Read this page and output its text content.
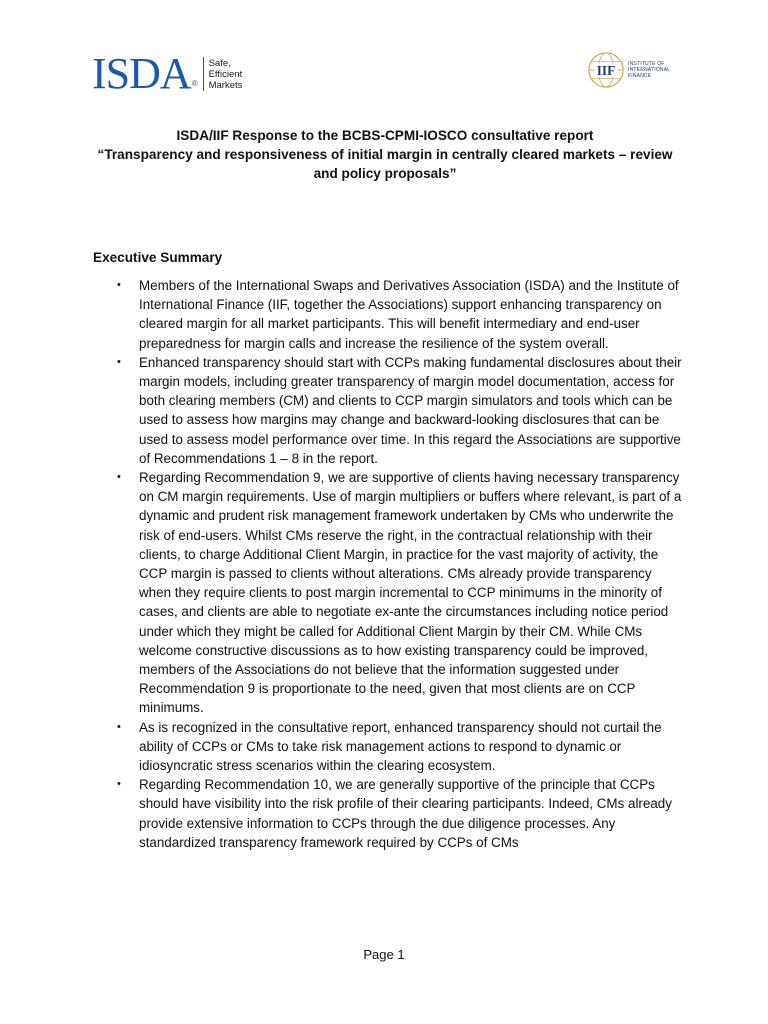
ISDA ®
Safe,
Efficient
Markets
IIF	INSTITUTE OF
INTERNATIONAL
FINANCE
ISDA/IIF Response to the BCBS-CPMI-IOSCO consultative report
“Transparency and responsiveness of initial margin in centrally cleared markets – review
and policy proposals”
Executive Summary
• Members of the International Swaps and Derivatives Association (ISDA) and the Institute of International Finance (IIF, together the Associations) support enhancing transparency on cleared margin for all market participants. This will benefit intermediary and end-user preparedness for margin calls and increase the resilience of the system overall.
• Enhanced transparency should start with CCPs making fundamental disclosures about their margin models, including greater transparency of margin model documentation, access for both clearing members (CM) and clients to CCP margin simulators and tools which can be used to assess how margins may change and backward-looking disclosures that can be used to assess model performance over time. In this regard the Associations are supportive of Recommendations 1 – 8 in the report.
• Regarding Recommendation 9, we are supportive of clients having necessary transparency on CM margin requirements. Use of margin multipliers or buffers where relevant, is part of a dynamic and prudent risk management framework undertaken by CMs who underwrite the risk of end-users. Whilst CMs reserve the right, in the contractual relationship with their clients, to charge Additional Client Margin, in practice for the vast majority of activity, the CCP margin is passed to clients without alterations. CMs already provide transparency when they require clients to post margin incremental to CCP minimums in the minority of cases, and clients are able to negotiate ex-ante the circumstances including notice period under which they might be called for Additional Client Margin by their CM. While CMs welcome constructive discussions as to how existing transparency could be improved, members of the Associations do not believe that the information suggested under Recommendation 9 is proportionate to the need, given that most clients are on CCP minimums.
• As is recognized in the consultative report, enhanced transparency should not curtail the ability of CCPs or CMs to take risk management actions to respond to dynamic or idiosyncratic stress scenarios within the clearing ecosystem.
• Regarding Recommendation 10, we are generally supportive of the principle that CCPs should have visibility into the risk profile of their clearing participants. Indeed, CMs already provide extensive information to CCPs through the due diligence processes. Any standardized transparency framework required by CCPs of CMs
Page 1
